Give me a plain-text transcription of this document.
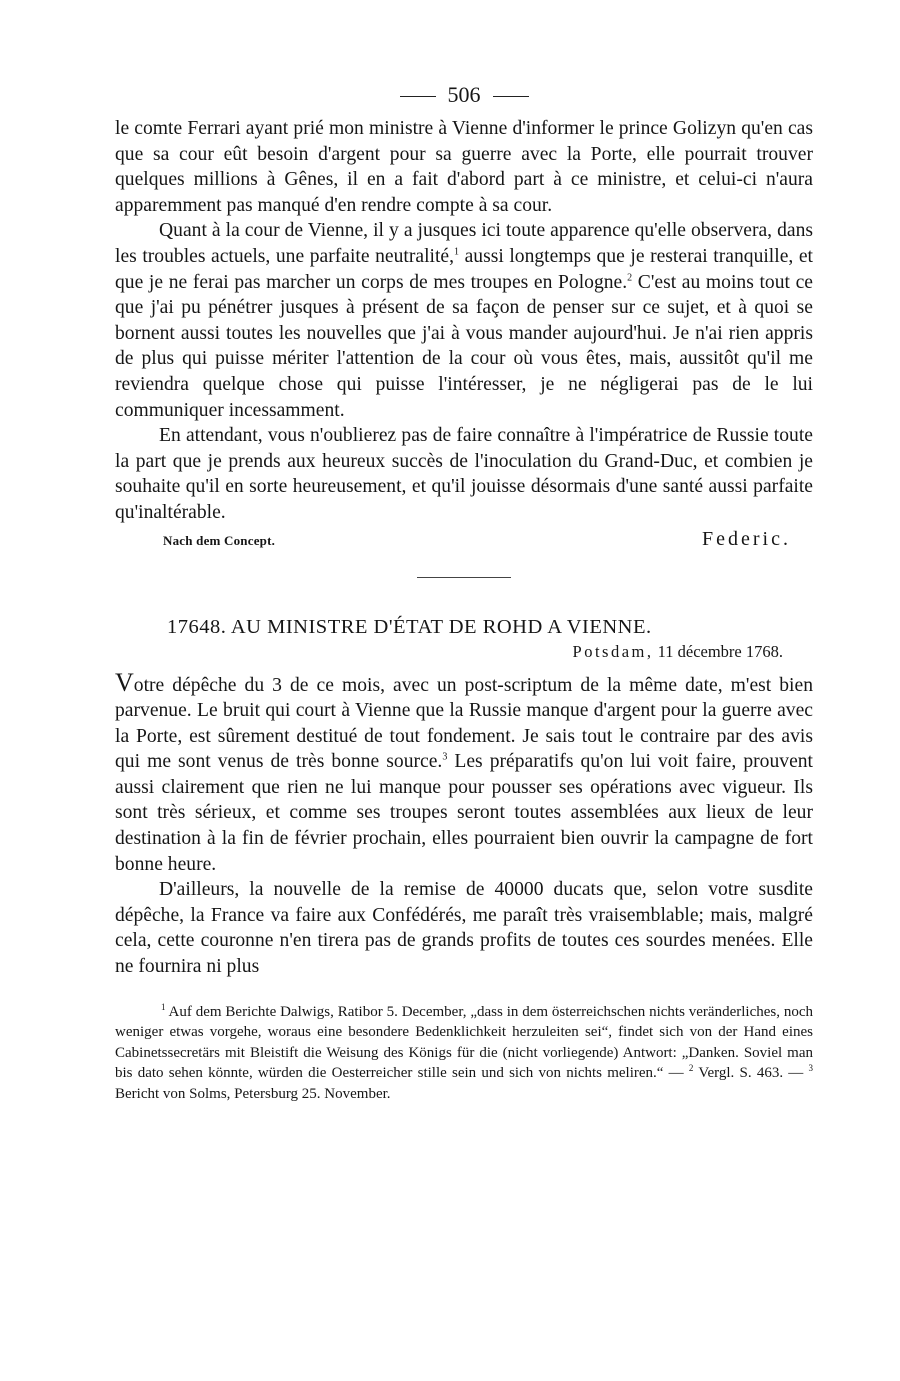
506

le comte Ferrari ayant prié mon ministre à Vienne d'informer le prince Golizyn qu'en cas que sa cour eût besoin d'argent pour sa guerre avec la Porte, elle pourrait trouver quelques millions à Gênes, il en a fait d'abord part à ce ministre, et celui-ci n'aura apparemment pas manqué d'en rendre compte à sa cour.

Quant à la cour de Vienne, il y a jusques ici toute apparence qu'elle observera, dans les troubles actuels, une parfaite neutralité,$^1$ aussi longtemps que je resterai tranquille, et que je ne ferai pas marcher un corps de mes troupes en Pologne.$^2$ C'est au moins tout ce que j'ai pu pénétrer jusques à présent de sa façon de penser sur ce sujet, et à quoi se bornent aussi toutes les nouvelles que j'ai à vous mander aujourd'hui. Je n'ai rien appris de plus qui puisse mériter l'attention de la cour où vous êtes, mais, aussitôt qu'il me reviendra quelque chose qui puisse l'intéresser, je ne négligerai pas de le lui communiquer incessamment.

En attendant, vous n'oublierez pas de faire connaître à l'impératrice de Russie toute la part que je prends aux heureux succès de l'inoculation du Grand-Duc, et combien je souhaite qu'il en sorte heureusement, et qu'il jouisse désormais d'une santé aussi parfaite qu'inaltérable.

Nach dem Concept.	Federic.
17648. AU MINISTRE D'ÉTAT DE ROHD A VIENNE.
Potsdam, 11 décembre 1768.

Votre dépêche du 3 de ce mois, avec un post-scriptum de la même date, m'est bien parvenue. Le bruit qui court à Vienne que la Russie manque d'argent pour la guerre avec la Porte, est sûrement destitué de tout fondement. Je sais tout le contraire par des avis qui me sont venus de très bonne source.$^3$ Les préparatifs qu'on lui voit faire, prouvent aussi clairement que rien ne lui manque pour pousser ses opérations avec vigueur. Ils sont très sérieux, et comme ses troupes seront toutes assemblées aux lieux de leur destination à la fin de février prochain, elles pourraient bien ouvrir la campagne de fort bonne heure.

D'ailleurs, la nouvelle de la remise de 40000 ducats que, selon votre susdite dépêche, la France va faire aux Confédérés, me paraît très vraisemblable; mais, malgré cela, cette couronne n'en tirera pas de grands profits de toutes ces sourdes menées. Elle ne fournira ni plus

$^1$ Auf dem Berichte Dalwigs, Ratibor 5. December, „dass in dem österreichschen nichts veränderliches, noch weniger etwas vorgehe, woraus eine besondere Bedenklichkeit herzuleiten sei“, findet sich von der Hand eines Cabinetssecretärs mit Bleistift die Weisung des Königs für die (nicht vorliegende) Antwort: „Danken. Soviel man bis dato sehen könnte, würden die Oesterreicher stille sein und sich von nichts meliren.“ — $^2$ Vergl. S. 463. — $^3$ Bericht von Solms, Petersburg 25. November.
